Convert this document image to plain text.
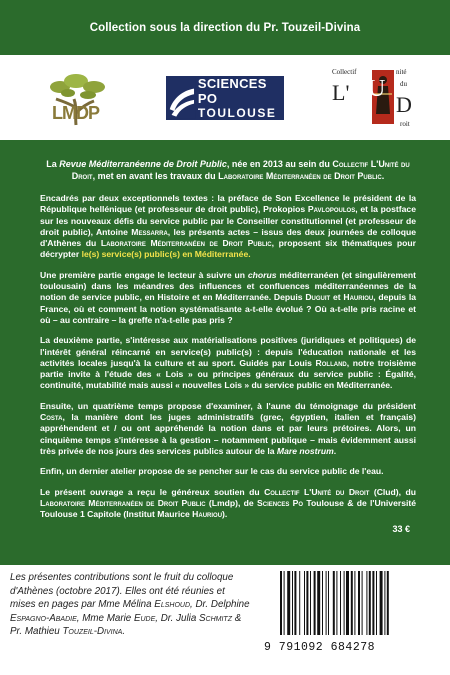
Collection sous la direction du Pr. Touzeil-Divina
LMDP
SCIENCES PO
TOULOUSE
Collectif
L' U
nité
du
D
roit

La Revue Méditerranéenne de Droit Public, née en 2013 au sein du Collectif L'Unité du Droit, met en avant les travaux du Laboratoire Méditerranéen de Droit Public.

Encadrés par deux exceptionnels textes : la préface de Son Excellence le président de la République hellénique (et professeur de droit public), Prokopios Pavlopoulos, et la postface sur les nouveaux défis du service public par le Conseiller constitutionnel (et professeur de droit public), Antoine Messarra, les présents actes – issus des deux journées de colloque d'Athènes du Laboratoire Méditerranéen de Droit Public, proposent six thématiques pour décrypter le(s) service(s) public(s) en Méditerranée.

Une première partie engage le lecteur à suivre un chorus méditerranéen (et singulièrement toulousain) dans les méandres des influences et confluences méditerranéennes de la notion de service public, en Histoire et en Méditerranée. Depuis Duguit et Hauriou, depuis la France, où et comment la notion systématisante a-t-elle évolué ? Où a-t-elle pris racine et où – au contraire – la greffe n'a-t-elle pas pris ?

La deuxième partie, s'intéresse aux matérialisations positives (juridiques et politiques) de l'intérêt général réincarné en service(s) public(s) : depuis l'éducation nationale et les activités locales jusqu'à la culture et au sport. Guidés par Louis Rolland, notre troisième partie invite à l'étude des « Lois » ou principes généraux du service public : Égalité, continuité, mutabilité mais aussi « nouvelles Lois » du service public en Méditerranée.

Ensuite, un quatrième temps propose d'examiner, à l'aune du témoignage du président Costa, la manière dont les juges administratifs (grec, égyptien, italien et français) appréhendent et / ou ont appréhendé la notion dans et par leurs prétoires. Alors, un cinquième temps s'intéresse à la gestion – notamment publique – mais évidemment aussi très privée de nos jours des services publics autour de la Mare nostrum.

Enfin, un dernier atelier propose de se pencher sur le cas du service public de l'eau.

Le présent ouvrage a reçu le généreux soutien du Collectif L'Unité du Droit (Clud), du Laboratoire Méditerranéen de Droit Public (Lmdp), de Sciences Po Toulouse & de l'Université Toulouse 1 Capitole (Institut Maurice Hauriou).

33 €
Les présentes contributions sont le fruit du colloque d'Athènes (octobre 2017). Elles ont été réunies et mises en pages par Mme Mélina Elshoud, Dr. Delphine Espagno-Abadie, Mme Marie Eude, Dr. Julia Schmitz & Pr. Mathieu Touzeil-Divina.
9 791092 684278
